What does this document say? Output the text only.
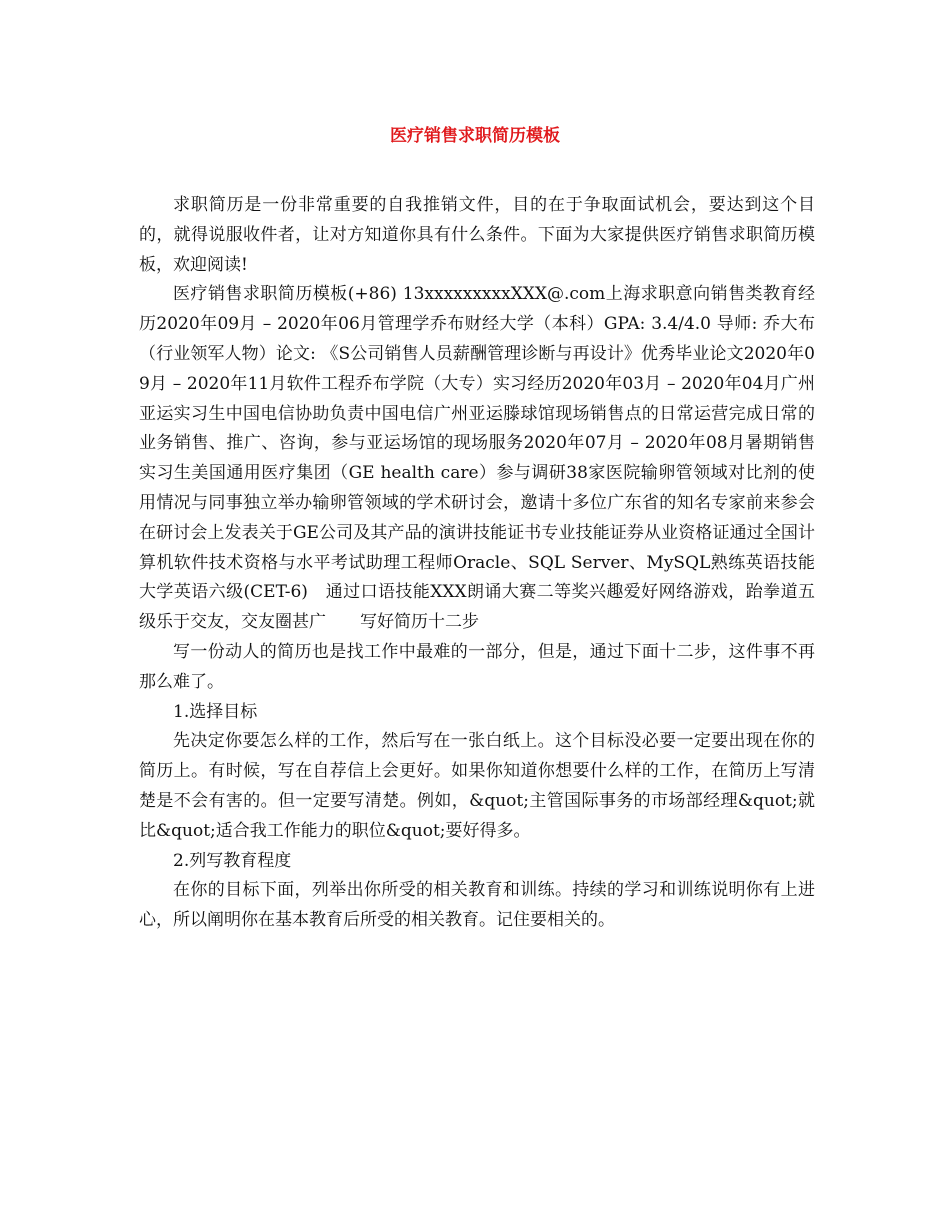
医疗销售求职简历模板

求职简历是一份非常重要的自我推销文件，目的在于争取面试机会，要达到这个目的，就得说服收件者，让对方知道你具有什么条件。下面为大家提供医疗销售求职简历模板，欢迎阅读!

医疗销售求职简历模板(+86) 13xxxxxxxxxXXX@.com上海求职意向销售类教育经历2020年09月 – 2020年06月管理学乔布财经大学（本科）GPA: 3.4/4.0 导师: 乔大布（行业领军人物）论文: 《S公司销售人员薪酬管理诊断与再设计》优秀毕业论文2020年09月 – 2020年11月软件工程乔布学院（大专）实习经历2020年03月 – 2020年04月广州亚运实习生中国电信协助负责中国电信广州亚运滕球馆现场销售点的日常运营完成日常的业务销售、推广、咨询，参与亚运场馆的现场服务2020年07月 – 2020年08月暑期销售实习生美国通用医疗集团（GE health care）参与调研38家医院输卵管领域对比剂的使用情况与同事独立举办输卵管领域的学术研讨会，邀请十多位广东省的知名专家前来参会在研讨会上发表关于GE公司及其产品的演讲技能证书专业技能证券从业资格证通过全国计算机软件技术资格与水平考试助理工程师Oracle、SQL Server、MySQL熟练英语技能大学英语六级(CET-6)　通过口语技能XXX朗诵大赛二等奖兴趣爱好网络游戏，跆拳道五级乐于交友，交友圈甚广　　写好简历十二步

写一份动人的简历也是找工作中最难的一部分，但是，通过下面十二步，这件事不再那么难了。

1.选择目标

先决定你要怎么样的工作，然后写在一张白纸上。这个目标没必要一定要出现在你的简历上。有时候，写在自荐信上会更好。如果你知道你想要什么样的工作，在简历上写清楚是不会有害的。但一定要写清楚。例如，&quot;主管国际事务的市场部经理&quot;就比&quot;适合我工作能力的职位&quot;要好得多。

2.列写教育程度

在你的目标下面，列举出你所受的相关教育和训练。持续的学习和训练说明你有上进心，所以阐明你在基本教育后所受的相关教育。记住要相关的。
